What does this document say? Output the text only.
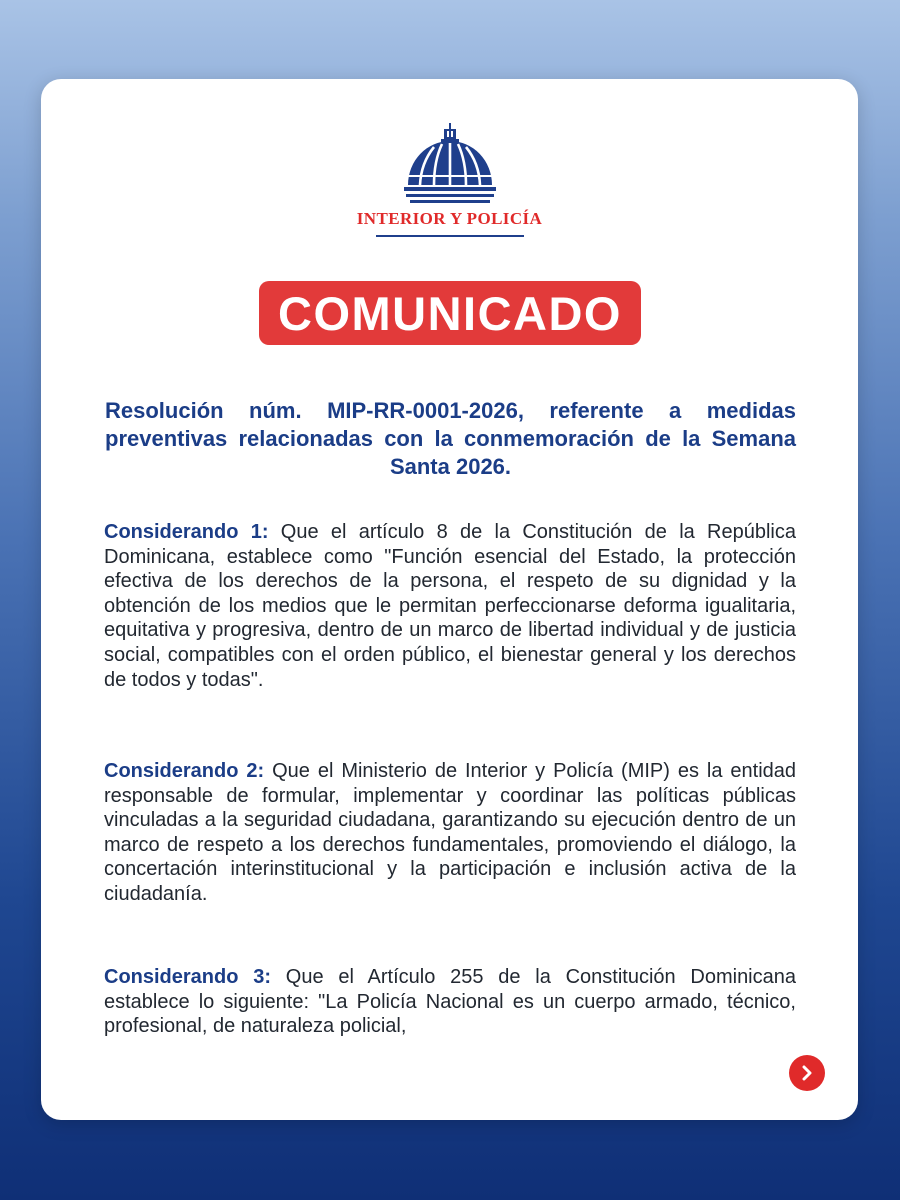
INTERIOR Y POLICÍA
COMUNICADO
Resolución núm. MIP-RR-0001-2026, referente a medidas preventivas relacionadas con la conmemoración de la Semana Santa 2026.
Considerando 1: Que el artículo 8 de la Constitución de la República Dominicana, establece como "Función esencial del Estado, la protección efectiva de los derechos de la persona, el respeto de su dignidad y la obtención de los medios que le permitan perfeccionarse deforma igualitaria, equitativa y progresiva, dentro de un marco de libertad individual y de justicia social, compatibles con el orden público, el bienestar general y los derechos de todos y todas".
Considerando 2: Que el Ministerio de Interior y Policía (MIP) es la entidad responsable de formular, implementar y coordinar las políticas públicas vinculadas a la seguridad ciudadana, garantizando su ejecución dentro de un marco de respeto a los derechos fundamentales, promoviendo el diálogo, la concertación interinstitucional y la participación e inclusión activa de la ciudadanía.
Considerando 3: Que el Artículo 255 de la Constitución Dominicana establece lo siguiente: "La Policía Nacional es un cuerpo armado, técnico, profesional, de naturaleza policial,
